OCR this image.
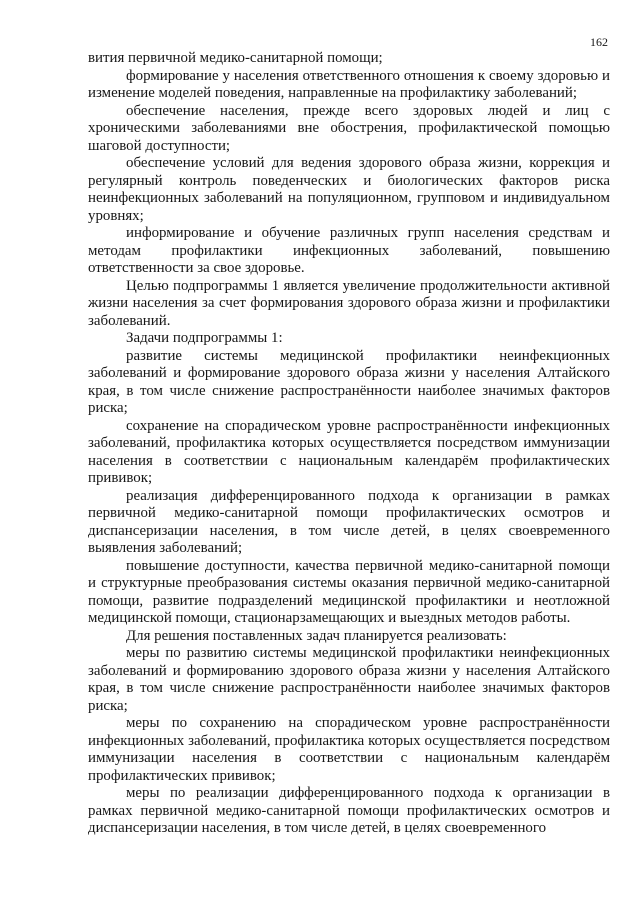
162

вития первичной медико-санитарной помощи;

формирование у населения ответственного отношения к своему здоровью и изменение моделей поведения, направленные на профилактику заболеваний;

обеспечение населения, прежде всего здоровых людей и лиц с хроническими заболеваниями вне обострения, профилактической помощью шаговой доступности;

обеспечение условий для ведения здорового образа жизни, коррекция и регулярный контроль поведенческих и биологических факторов риска неинфекционных заболеваний на популяционном, групповом и индивидуальном уровнях;

информирование и обучение различных групп населения средствам и методам профилактики инфекционных заболеваний, повышению ответственности за свое здоровье.

Целью подпрограммы 1 является увеличение продолжительности активной жизни населения за счет формирования здорового образа жизни и профилактики заболеваний.

Задачи подпрограммы 1:

развитие системы медицинской профилактики неинфекционных заболеваний и формирование здорового образа жизни у населения Алтайского края, в том числе снижение распространённости наиболее значимых факторов риска;

сохранение на спорадическом уровне распространённости инфекционных заболеваний, профилактика которых осуществляется посредством иммунизации населения в соответствии с национальным календарём профилактических прививок;

реализация дифференцированного подхода к организации в рамках первичной медико-санитарной помощи профилактических осмотров и диспансеризации населения, в том числе детей, в целях своевременного выявления заболеваний;

повышение доступности, качества первичной медико-санитарной помощи и структурные преобразования системы оказания первичной медико-санитарной помощи, развитие подразделений медицинской профилактики и неотложной медицинской помощи, стационарзамещающих и выездных методов работы.

Для решения поставленных задач планируется реализовать:

меры по развитию системы медицинской профилактики неинфекционных заболеваний и формированию здорового образа жизни у населения Алтайского края, в том числе снижение распространённости наиболее значимых факторов риска;

меры по сохранению на спорадическом уровне распространённости инфекционных заболеваний, профилактика которых осуществляется посредством иммунизации населения в соответствии с национальным календарём профилактических прививок;

меры по реализации дифференцированного подхода к организации в рамках первичной медико-санитарной помощи профилактических осмотров и диспансеризации населения, в том числе детей, в целях своевременного
